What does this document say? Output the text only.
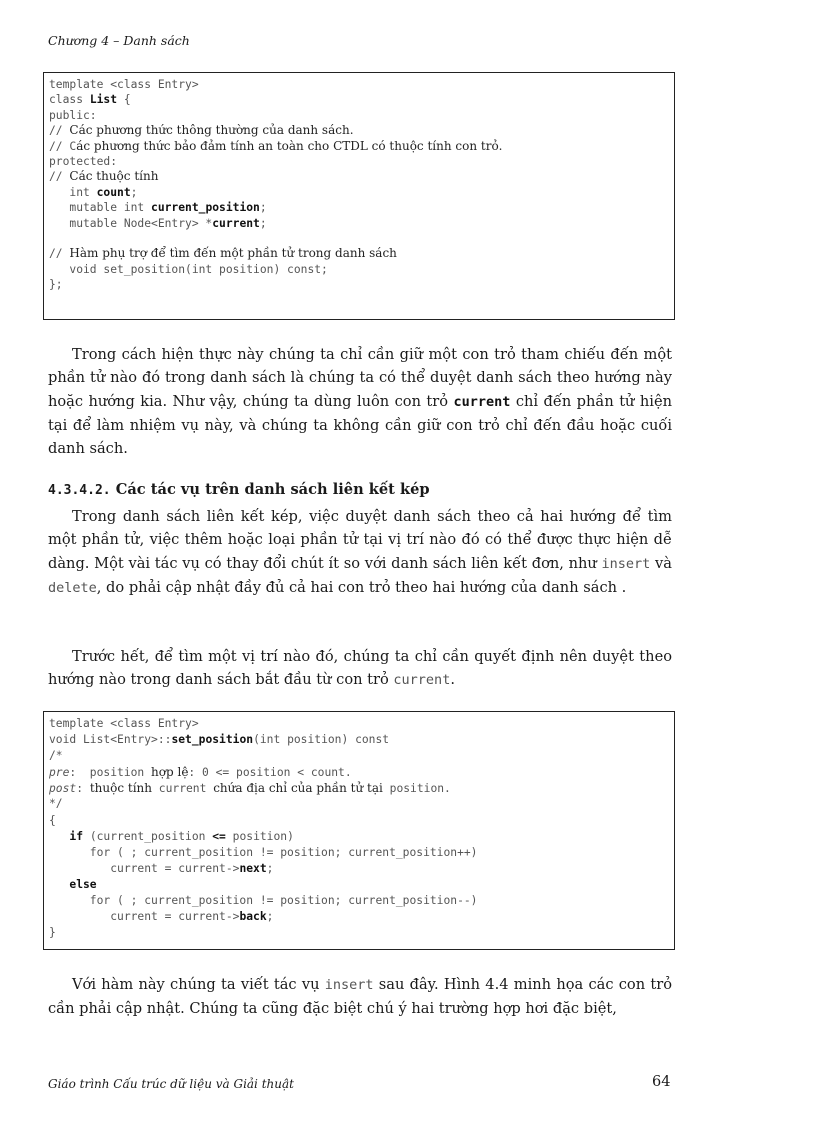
Chương 4 – Danh sách
template <class Entry>
class List {
public:
// Các phương thức thông thường của danh sách.
// Các phương thức bảo đảm tính an toàn cho CTDL có thuộc tính con trỏ.
protected:
// Các thuộc tính
int count;
mutable int current_position;
mutable Node<Entry> *current;
// Hàm phụ trợ để tìm đến một phần tử trong danh sách
void set_position(int position) const;
};
Trong cách hiện thực này chúng ta chỉ cần giữ một con trỏ tham chiếu đến một phần tử nào đó trong danh sách là chúng ta có thể duyệt danh sách theo hướng này hoặc hướng kia. Như vậy, chúng ta dùng luôn con trỏ current chỉ đến phần tử hiện tại để làm nhiệm vụ này, và chúng ta không cần giữ con trỏ chỉ đến đầu hoặc cuối danh sách.
4.3.4.2. Các tác vụ trên danh sách liên kết kép
Trong danh sách liên kết kép, việc duyệt danh sách theo cả hai hướng để tìm một phần tử, việc thêm hoặc loại phần tử tại vị trí nào đó có thể được thực hiện dễ dàng. Một vài tác vụ có thay đổi chút ít so với danh sách liên kết đơn, như insert và delete, do phải cập nhật đầy đủ cả hai con trỏ theo hai hướng của danh sách .
Trước hết, để tìm một vị trí nào đó, chúng ta chỉ cần quyết định nên duyệt theo hướng nào trong danh sách bắt đầu từ con trỏ current.
template <class Entry>
void List<Entry>::set_position(int position) const
/*
pre:  position hợp lệ: 0 <= position < count.
post: thuộc tính current chứa địa chỉ của phần tử tại position.
*/
{
if (current_position <= position)
for ( ; current_position != position; current_position++)
current = current->next;
else
for ( ; current_position != position; current_position--)
current = current->back;
}
Với hàm này chúng ta viết tác vụ insert sau đây. Hình 4.4 minh họa các con trỏ cần phải cập nhật. Chúng ta cũng đặc biệt chú ý hai trường hợp hơi đặc biệt,
Giáo trình Cấu trúc dữ liệu và Giải thuật	64
